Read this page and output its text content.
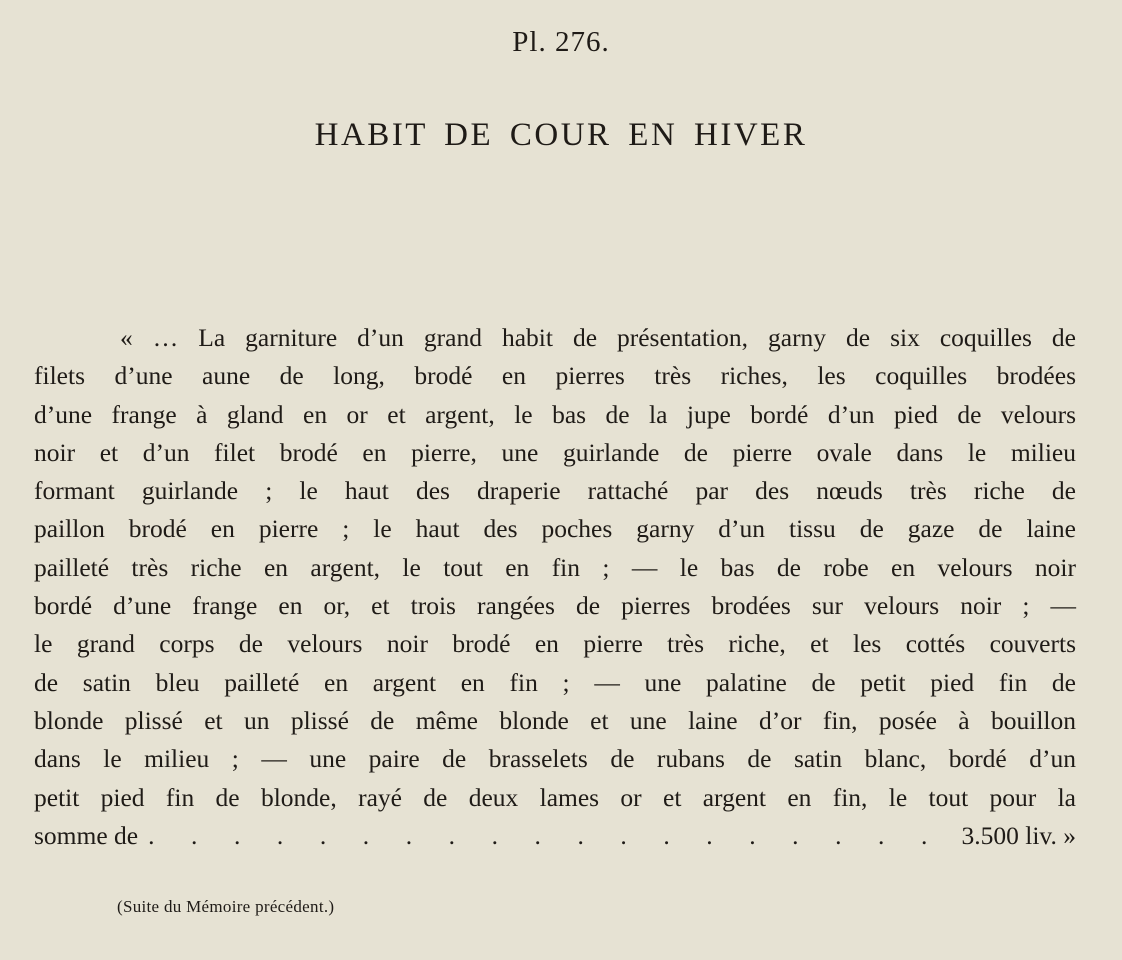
Pl. 276.
HABIT DE COUR EN HIVER
« … La garniture d’un grand habit de présentation, garny de six coquilles de
filets d’une aune de long, brodé en pierres très riches, les coquilles brodées
d’une frange à gland en or et argent, le bas de la jupe bordé d’un pied de velours
noir et d’un filet brodé en pierre, une guirlande de pierre ovale dans le milieu
formant guirlande ; le haut des draperie rattaché par des nœuds très riche de
paillon brodé en pierre ; le haut des poches garny d’un tissu de gaze de laine
pailleté très riche en argent, le tout en fin ; — le bas de robe en velours noir
bordé d’une frange en or, et trois rangées de pierres brodées sur velours noir ; —
le grand corps de velours noir brodé en pierre très riche, et les cottés couverts
de satin bleu pailleté en argent en fin ; — une palatine de petit pied fin de
blonde plissé et un plissé de même blonde et une laine d’or fin, posée à bouillon
dans le milieu ; — une paire de brasselets de rubans de satin blanc, bordé d’un
petit pied fin de blonde, rayé de deux lames or et argent en fin, le tout pour la
somme de . . . . . . . . . . . . . . . . . . . 3.500 liv. »
(Suite du Mémoire précédent.)
